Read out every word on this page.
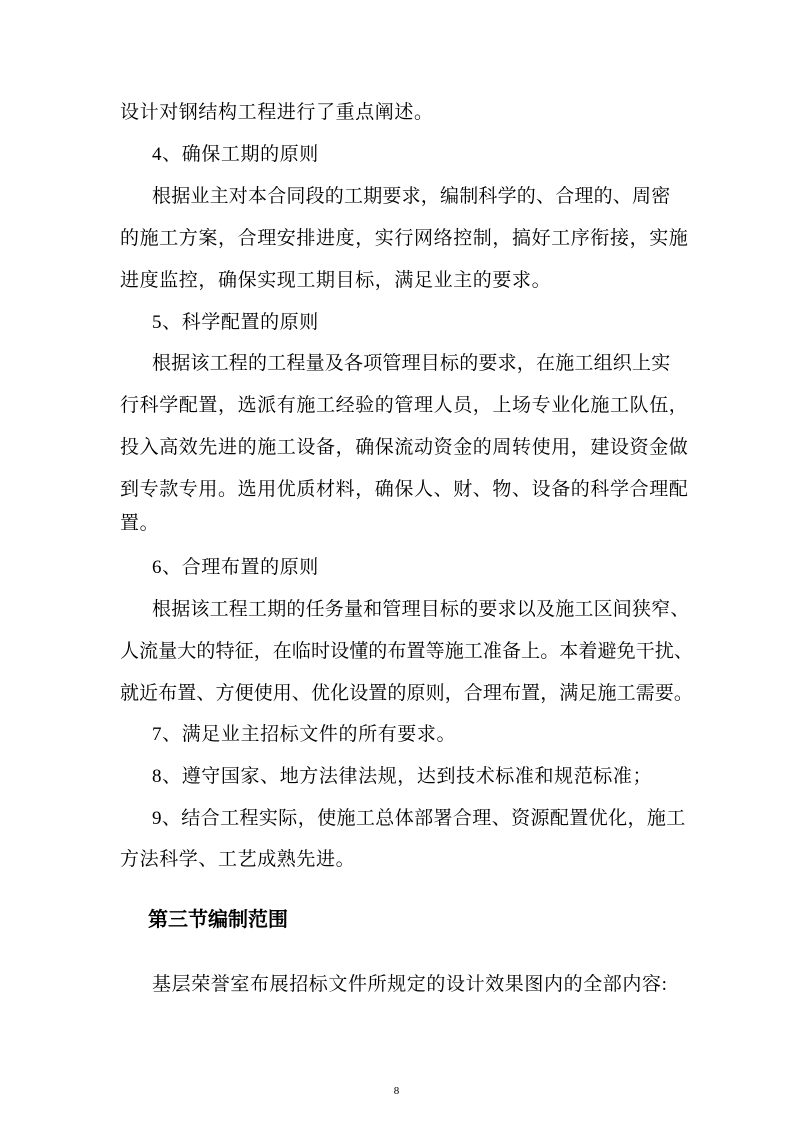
设计对钢结构工程进行了重点阐述。
4、确保工期的原则
根据业主对本合同段的工期要求，编制科学的、合理的、周密
的施工方案，合理安排进度，实行网络控制，搞好工序衔接，实施
进度监控，确保实现工期目标，满足业主的要求。
5、科学配置的原则
根据该工程的工程量及各项管理目标的要求，在施工组织上实
行科学配置，选派有施工经验的管理人员，上场专业化施工队伍，
投入高效先进的施工设备，确保流动资金的周转使用，建设资金做
到专款专用。选用优质材料，确保人、财、物、设备的科学合理配
置。
6、合理布置的原则
根据该工程工期的任务量和管理目标的要求以及施工区间狭窄、
人流量大的特征，在临时设懂的布置等施工准备上。本着避免干扰、
就近布置、方便使用、优化设置的原则，合理布置，满足施工需要。
7、满足业主招标文件的所有要求。
8、遵守国家、地方法律法规，达到技术标准和规范标准；
9、结合工程实际，使施工总体部署合理、资源配置优化，施工
方法科学、工艺成熟先进。
第三节编制范围
基层荣誉室布展招标文件所规定的设计效果图内的全部内容:
8
